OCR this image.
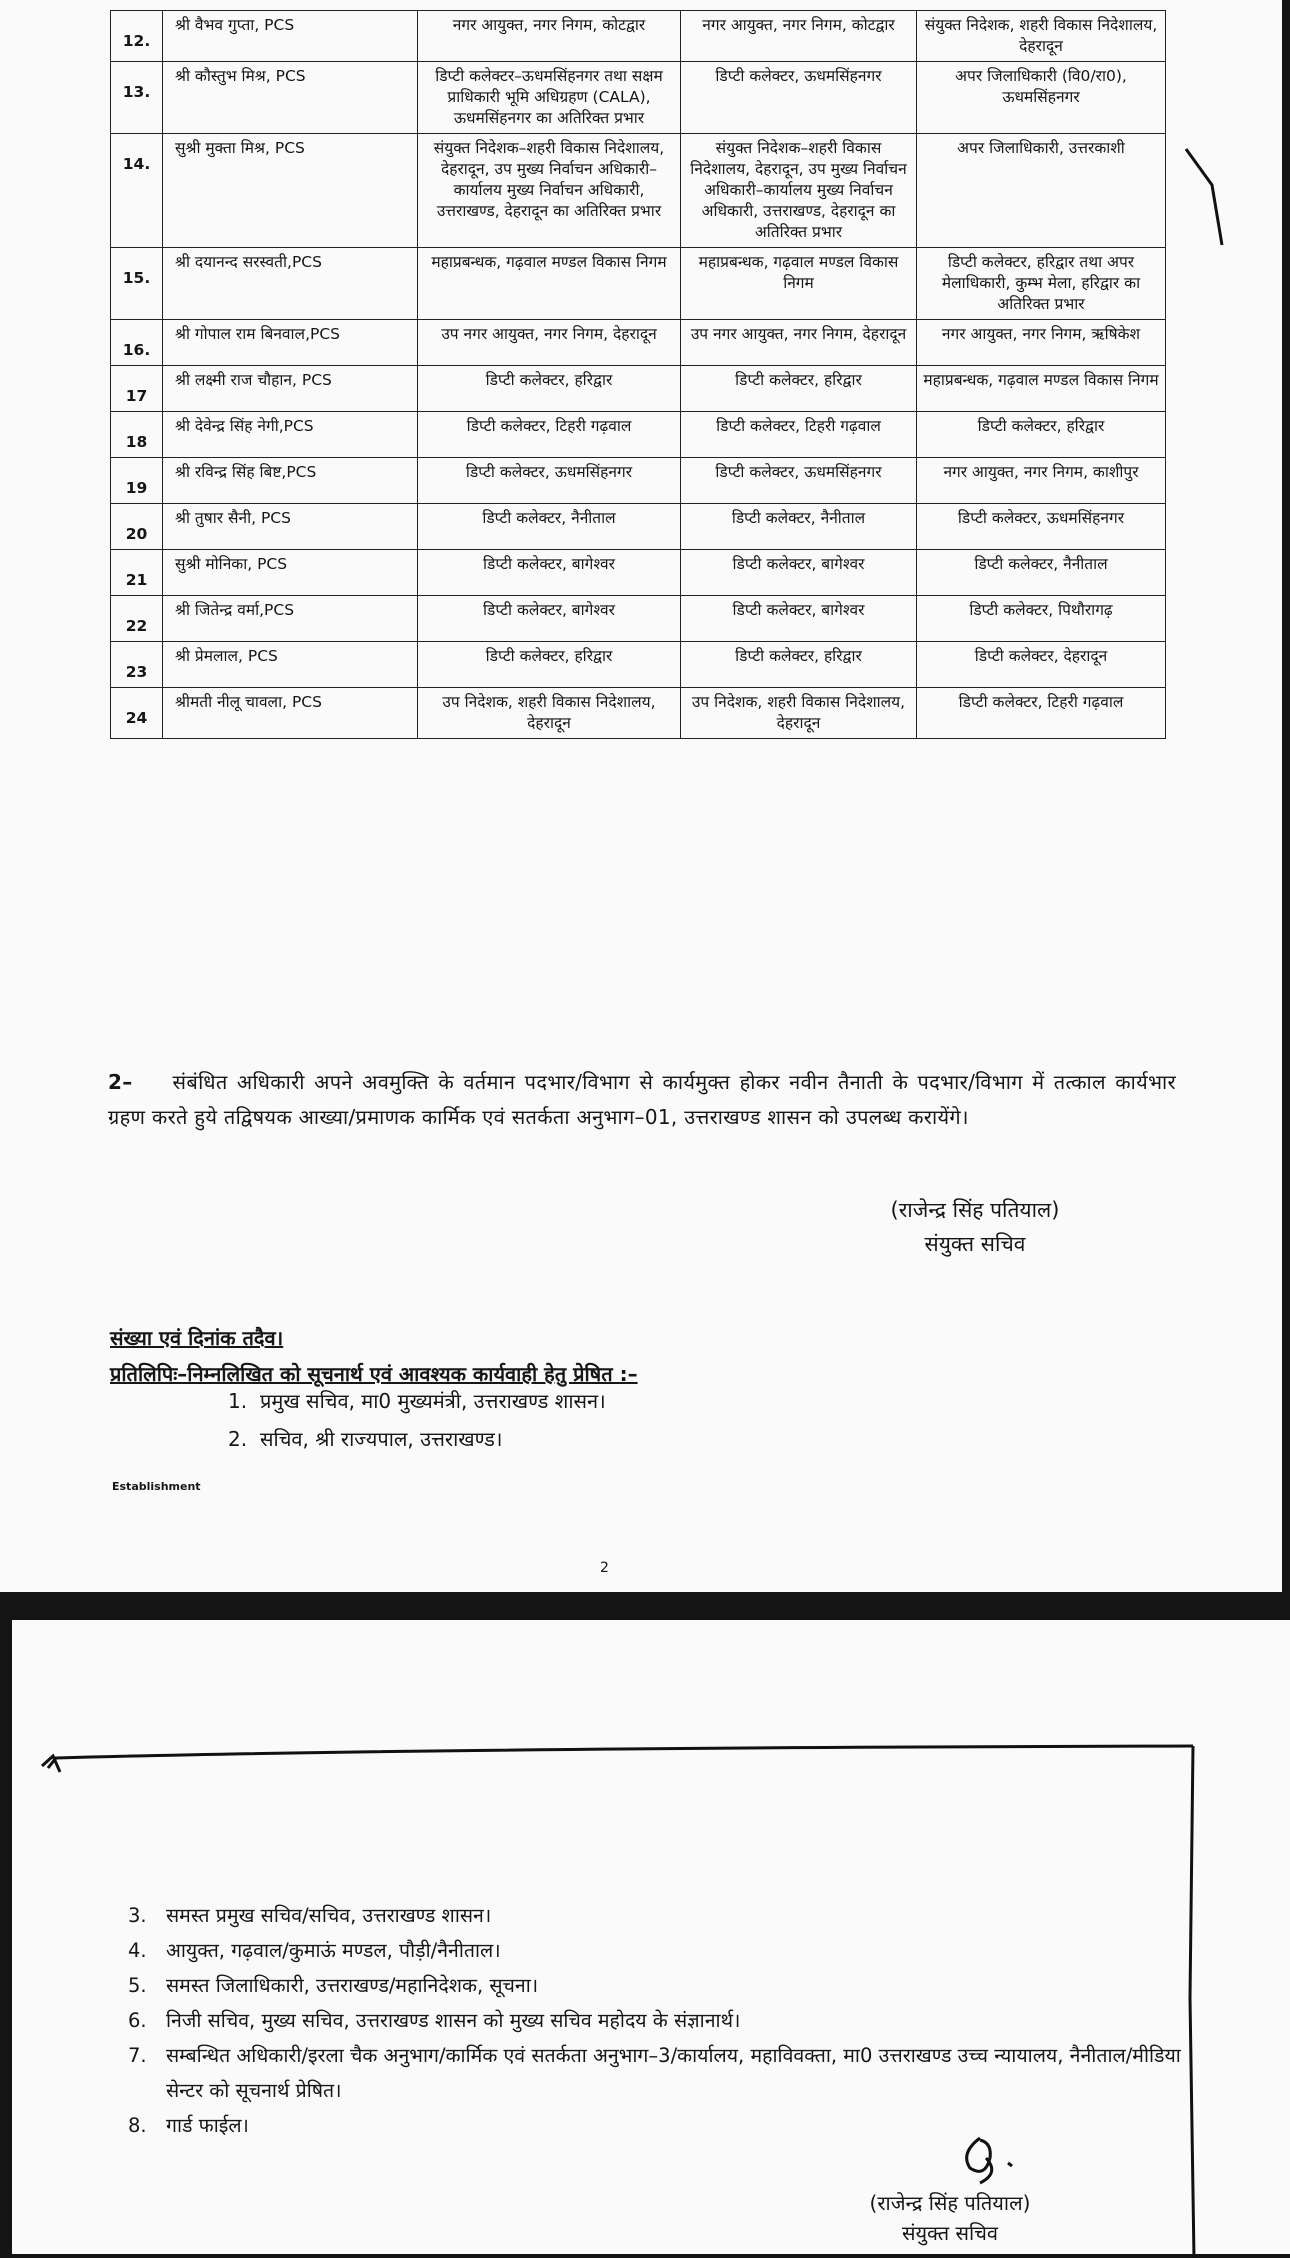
12.	श्री वैभव गुप्ता, PCS	नगर आयुक्त, नगर निगम, कोटद्वार	नगर आयुक्त, नगर निगम, कोटद्वार	संयुक्त निदेशक, शहरी विकास निदेशालय, देहरादून
13.	श्री कौस्तुभ मिश्र, PCS	डिप्टी कलेक्टर–ऊधमसिंहनगर तथा सक्षम प्राधिकारी भूमि अधिग्रहण (CALA), ऊधमसिंहनगर का अतिरिक्त प्रभार	डिप्टी कलेक्टर, ऊधमसिंहनगर	अपर जिलाधिकारी (वि0/रा0), ऊधमसिंहनगर
14.	सुश्री मुक्ता मिश्र, PCS	संयुक्त निदेशक–शहरी विकास निदेशालय, देहरादून, उप मुख्य निर्वाचन अधिकारी–कार्यालय मुख्य निर्वाचन अधिकारी, उत्तराखण्ड, देहरादून का अतिरिक्त प्रभार	संयुक्त निदेशक–शहरी विकास निदेशालय, देहरादून, उप मुख्य निर्वाचन अधिकारी–कार्यालय मुख्य निर्वाचन अधिकारी, उत्तराखण्ड, देहरादून का अतिरिक्त प्रभार	अपर जिलाधिकारी, उत्तरकाशी
15.	श्री दयानन्द सरस्वती,PCS	महाप्रबन्धक, गढ़वाल मण्डल विकास निगम	महाप्रबन्धक, गढ़वाल मण्डल विकास निगम	डिप्टी कलेक्टर, हरिद्वार तथा अपर मेलाधिकारी, कुम्भ मेला, हरिद्वार का अतिरिक्त प्रभार
16.	श्री गोपाल राम बिनवाल,PCS	उप नगर आयुक्त, नगर निगम, देहरादून	उप नगर आयुक्त, नगर निगम, देहरादून	नगर आयुक्त, नगर निगम, ऋषिकेश
17	श्री लक्ष्मी राज चौहान, PCS	डिप्टी कलेक्टर, हरिद्वार	डिप्टी कलेक्टर, हरिद्वार	महाप्रबन्धक, गढ़वाल मण्डल विकास निगम
18	श्री देवेन्द्र सिंह नेगी,PCS	डिप्टी कलेक्टर, टिहरी गढ़वाल	डिप्टी कलेक्टर, टिहरी गढ़वाल	डिप्टी कलेक्टर, हरिद्वार
19	श्री रविन्द्र सिंह बिष्ट,PCS	डिप्टी कलेक्टर, ऊधमसिंहनगर	डिप्टी कलेक्टर, ऊधमसिंहनगर	नगर आयुक्त, नगर निगम, काशीपुर
20	श्री तुषार सैनी, PCS	डिप्टी कलेक्टर, नैनीताल	डिप्टी कलेक्टर, नैनीताल	डिप्टी कलेक्टर, ऊधमसिंहनगर
21	सुश्री मोनिका, PCS	डिप्टी कलेक्टर, बागेश्वर	डिप्टी कलेक्टर, बागेश्वर	डिप्टी कलेक्टर, नैनीताल
22	श्री जितेन्द्र वर्मा,PCS	डिप्टी कलेक्टर, बागेश्वर	डिप्टी कलेक्टर, बागेश्वर	डिप्टी कलेक्टर, पिथौरागढ़
23	श्री प्रेमलाल, PCS	डिप्टी कलेक्टर, हरिद्वार	डिप्टी कलेक्टर, हरिद्वार	डिप्टी कलेक्टर, देहरादून
24	श्रीमती नीलू चावला, PCS	उप निदेशक, शहरी विकास निदेशालय, देहरादून	उप निदेशक, शहरी विकास निदेशालय, देहरादून	डिप्टी कलेक्टर, टिहरी गढ़वाल
2– संबंधित अधिकारी अपने अवमुक्ति के वर्तमान पदभार/विभाग से कार्यमुक्त होकर नवीन तैनाती के पदभार/विभाग में तत्काल कार्यभार ग्रहण करते हुये तद्विषयक आख्या/प्रमाणक कार्मिक एवं सतर्कता अनुभाग–01, उत्तराखण्ड शासन को उपलब्ध करायेंगे।
(राजेन्द्र सिंह पतियाल)
संयुक्त सचिव
संख्या एवं दिनांक तदैव।
प्रतिलिपिः–निम्नलिखित को सूचनार्थ एवं आवश्यक कार्यवाही हेतु प्रेषित :–
1. प्रमुख सचिव, मा0 मुख्यमंत्री, उत्तराखण्ड शासन।
2. सचिव, श्री राज्यपाल, उत्तराखण्ड।
Establishment
2
3. समस्त प्रमुख सचिव/सचिव, उत्तराखण्ड शासन।
4. आयुक्त, गढ़वाल/कुमाऊं मण्डल, पौड़ी/नैनीताल।
5. समस्त जिलाधिकारी, उत्तराखण्ड/महानिदेशक, सूचना।
6. निजी सचिव, मुख्य सचिव, उत्तराखण्ड शासन को मुख्य सचिव महोदय के संज्ञानार्थ।
7. सम्बन्धित अधिकारी/इरला चैक अनुभाग/कार्मिक एवं सतर्कता अनुभाग–3/कार्यालय, महाविवक्ता, मा0 उत्तराखण्ड उच्च न्यायालय, नैनीताल/मीडिया सेन्टर को सूचनार्थ प्रेषित।
8. गार्ड फाईल।
(राजेन्द्र सिंह पतियाल)
संयुक्त सचिव
